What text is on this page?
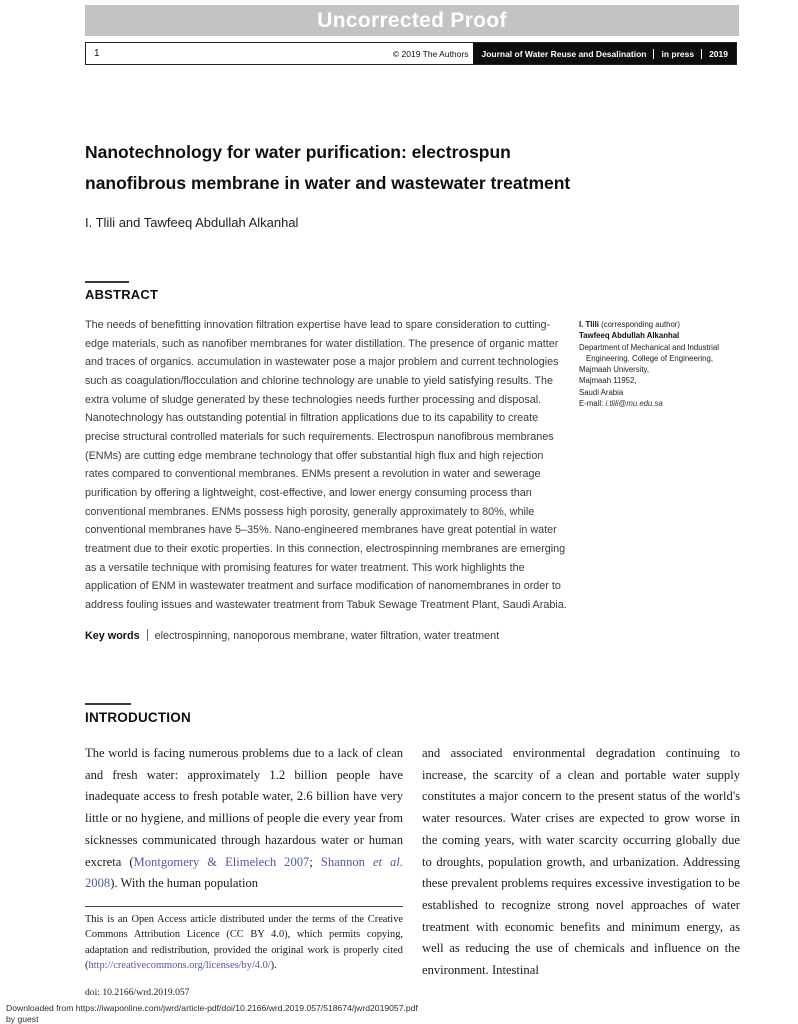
Uncorrected Proof
1	© 2019 The Authors Journal of Water Reuse and Desalination in press 2019
Nanotechnology for water purification: electrospun nanofibrous membrane in water and wastewater treatment
I. Tlili and Tawfeeq Abdullah Alkanhal
ABSTRACT

The needs of benefitting innovation filtration expertise have lead to spare consideration to cutting-edge materials, such as nanofiber membranes for water distillation. The presence of organic matter and traces of organics. accumulation in wastewater pose a major problem and current technologies such as coagulation/flocculation and chlorine technology are unable to yield satisfying results. The extra volume of sludge generated by these technologies needs further processing and disposal. Nanotechnology has outstanding potential in filtration applications due to its capability to create precise structural controlled materials for such requirements. Electrospun nanofibrous membranes (ENMs) are cutting edge membrane technology that offer substantial high flux and high rejection rates compared to conventional membranes. ENMs present a revolution in water and sewerage purification by offering a lightweight, cost-effective, and lower energy consuming process than conventional membranes. ENMs possess high porosity, generally approximately to 80%, while conventional membranes have 5–35%. Nano-engineered membranes have great potential in water treatment due to their exotic properties. In this connection, electrospinning membranes are emerging as a versatile technique with promising features for water treatment. This work highlights the application of ENM in wastewater treatment and surface modification of nanomembranes in order to address fouling issues and wastewater treatment from Tabuk Sewage Treatment Plant, Saudi Arabia.

Key words electrospinning, nanoporous membrane, water filtration, water treatment
I. Tlili (corresponding author)
Tawfeeq Abdullah Alkanhal
Department of Mechanical and Industrial
Engineering, College of Engineering,
Majmaah University,
Majmaah 11952,
Saudi Arabia
E-mail: i.tlili@mu.edu.sa
INTRODUCTION
The world is facing numerous problems due to a lack of clean and fresh water: approximately 1.2 billion people have inadequate access to fresh potable water, 2.6 billion have very little or no hygiene, and millions of people die every year from sicknesses communicated through hazardous water or human excreta (Montgomery & Elimelech 2007; Shannon et al. 2008). With the human population
This is an Open Access article distributed under the terms of the Creative Commons Attribution Licence (CC BY 4.0), which permits copying, adaptation and redistribution, provided the original work is properly cited (http://creativecommons.org/licenses/by/4.0/).
doi: 10.2166/wrd.2019.057
and associated environmental degradation continuing to increase, the scarcity of a clean and portable water supply constitutes a major concern to the present status of the world's water resources. Water crises are expected to grow worse in the coming years, with water scarcity occurring globally due to droughts, population growth, and urbanization. Addressing these prevalent problems requires excessive investigation to be established to recognize strong novel approaches of water treatment with economic benefits and minimum energy, as well as reducing the use of chemicals and influence on the environment. Intestinal
Downloaded from https://iwaponline.com/jwrd/article-pdf/doi/10.2166/wrd.2019.057/518674/jwrd2019057.pdf
by guest
